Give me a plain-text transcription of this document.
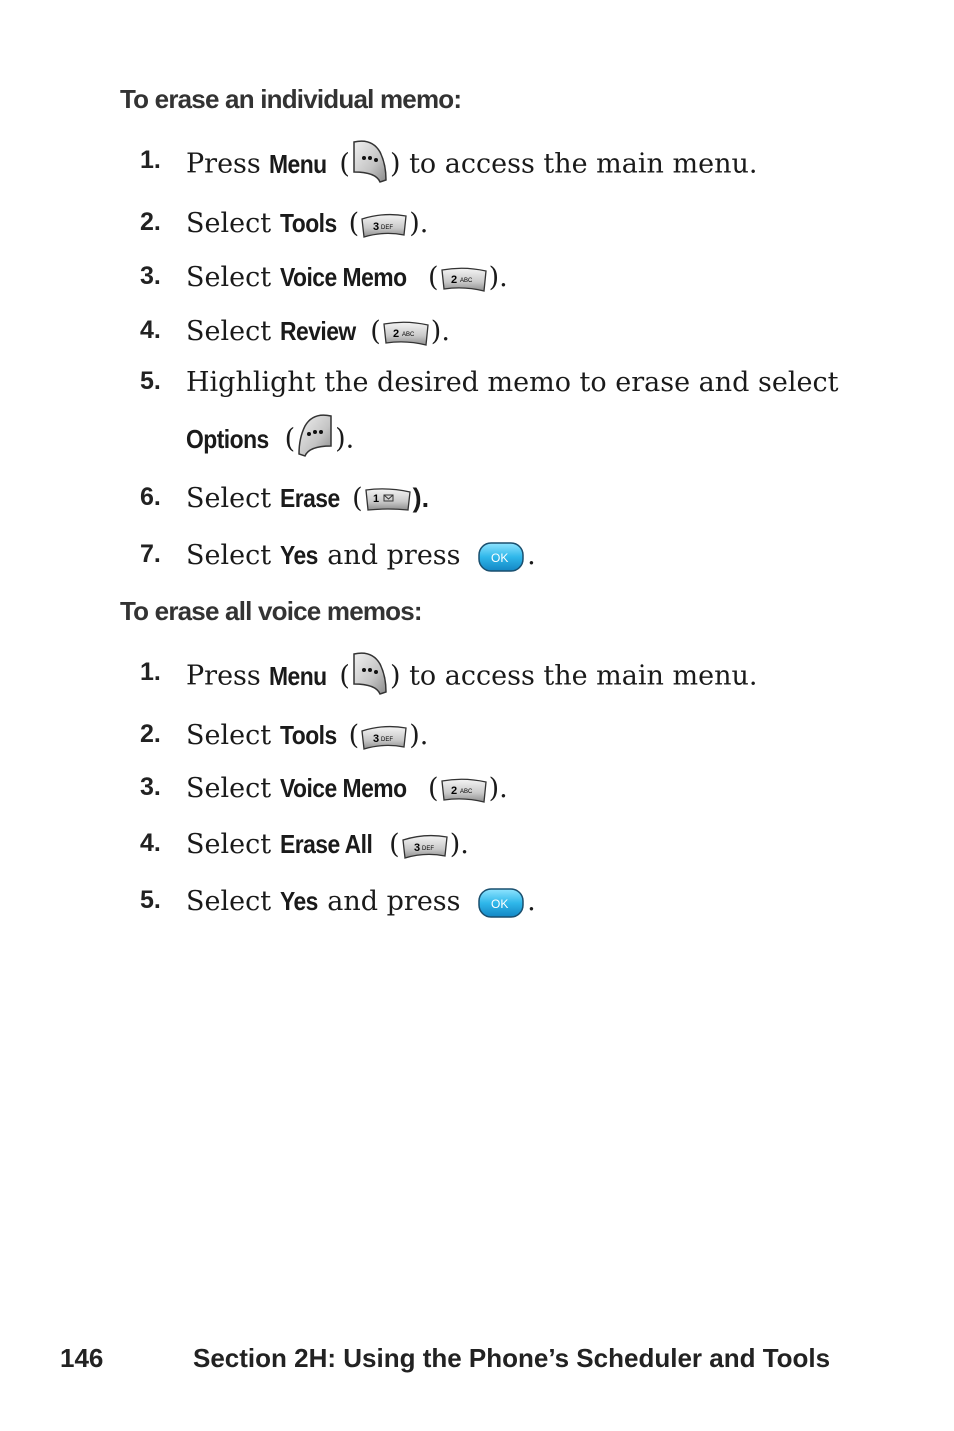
To erase an individual memo:
1. Press Menu ( ) to access the main menu.
2. Select Tools ( 3 DEF ).
3. Select Voice Memo ( 2 ABC ).
4. Select Review ( 2 ABC ).
5. Highlight the desired memo to erase and select
Options ( ).
6. Select Erase ( 1 ).
7. Select Yes and press OK .
To erase all voice memos:
1. Press Menu ( ) to access the main menu.
2. Select Tools ( 3 DEF ).
3. Select Voice Memo ( 2 ABC ).
4. Select Erase All ( 3 DEF ).
5. Select Yes and press OK .
146	Section 2H: Using the Phone’s Scheduler and Tools
